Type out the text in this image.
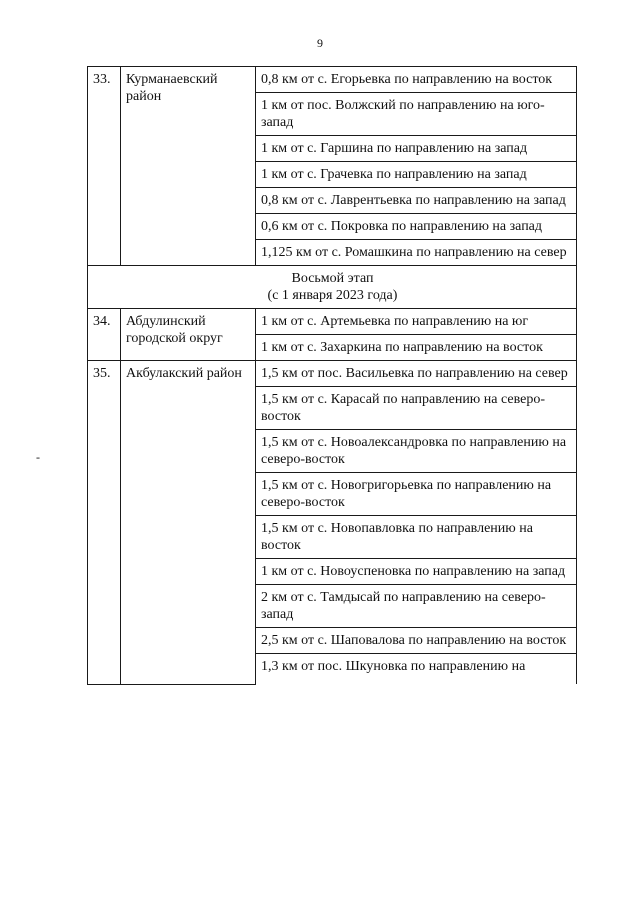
9
-
33.	Курманаевский район	0,8 км от с. Егорьевка по направлению на восток
		1 км от пос. Волжский по направлению на юго-запад
		1 км от с. Гаршина по направлению на запад
		1 км от с. Грачевка по направлению на запад
		0,8 км от с. Лаврентьевка по направлению на запад
		0,6 км от с. Покровка по направлению на запад
		1,125 км от с. Ромашкина по направлению на север

Восьмой этап
(с 1 января 2023 года)		

34.	Абдулинский городской округ	1 км от с. Артемьевка по направлению на юг
		1 км от с. Захаркина по направлению на восток
35.	Акбулакский район	1,5 км от пос. Васильевка по направлению на север
		1,5 км от с. Карасай по направлению на северо-восток
		1,5 км от с. Новоалександровка по направлению на северо-восток
		1,5 км от с. Новогригорьевка по направлению на северо-восток
		1,5 км от с. Новопавловка по направлению на восток
		1 км от с. Новоуспеновка по направлению на запад
		2 км от с. Тамдысай по направлению на северо-запад
		2,5 км от с. Шаповалова по направлению на восток
		1,3 км от пос. Шкуновка по направлению на
